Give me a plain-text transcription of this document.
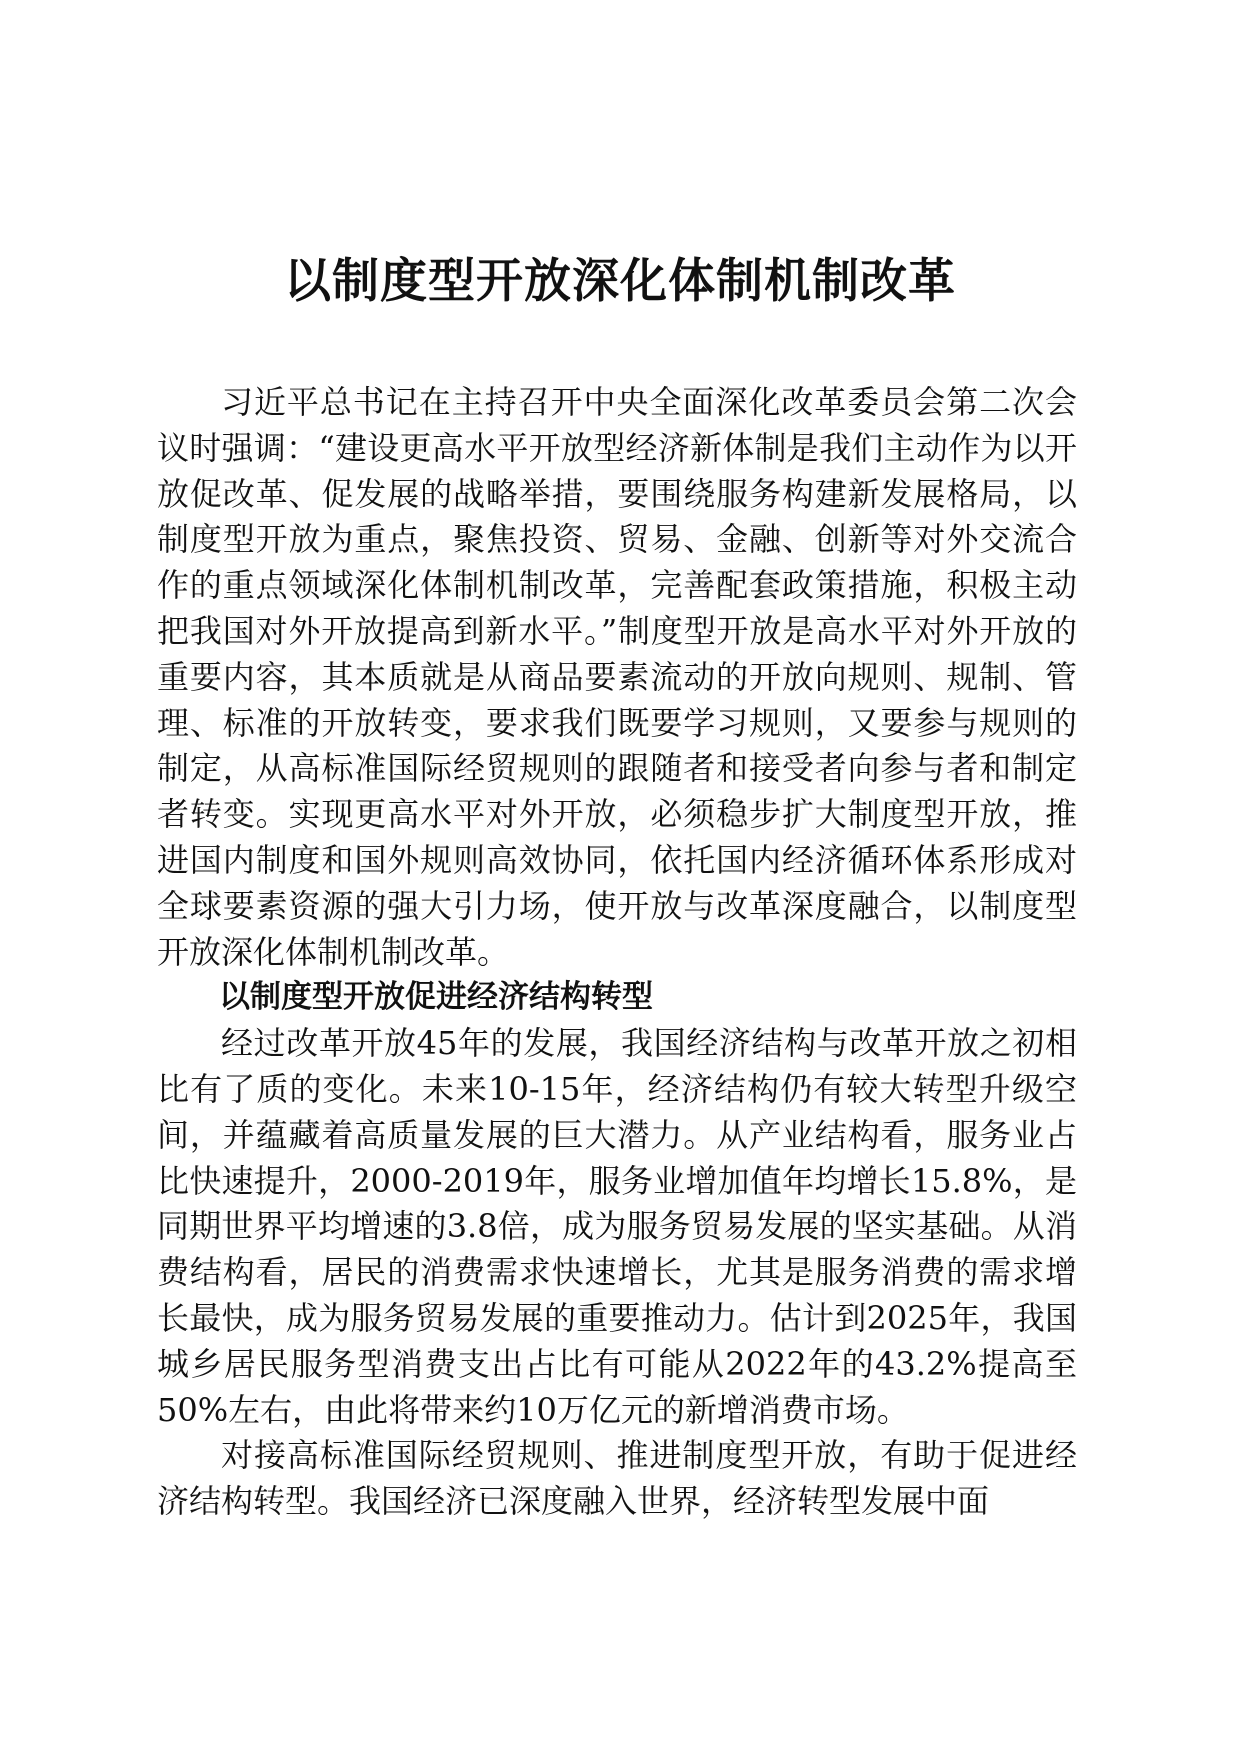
以制度型开放深化体制机制改革

习近平总书记在主持召开中央全面深化改革委员会第二次会议时强调：“建设更高水平开放型经济新体制是我们主动作为以开放促改革、促发展的战略举措，要围绕服务构建新发展格局，以制度型开放为重点，聚焦投资、贸易、金融、创新等对外交流合作的重点领域深化体制机制改革，完善配套政策措施，积极主动把我国对外开放提高到新水平。”制度型开放是高水平对外开放的重要内容，其本质就是从商品要素流动的开放向规则、规制、管理、标准的开放转变，要求我们既要学习规则，又要参与规则的制定，从高标准国际经贸规则的跟随者和接受者向参与者和制定者转变。实现更高水平对外开放，必须稳步扩大制度型开放，推进国内制度和国外规则高效协同，依托国内经济循环体系形成对全球要素资源的强大引力场，使开放与改革深度融合，以制度型开放深化体制机制改革。

以制度型开放促进经济结构转型

经过改革开放45年的发展，我国经济结构与改革开放之初相比有了质的变化。未来10-15年，经济结构仍有较大转型升级空间，并蕴藏着高质量发展的巨大潜力。从产业结构看，服务业占比快速提升，2000-2019年，服务业增加值年均增长15.8%，是同期世界平均增速的3.8倍，成为服务贸易发展的坚实基础。从消费结构看，居民的消费需求快速增长，尤其是服务消费的需求增长最快，成为服务贸易发展的重要推动力。估计到2025年，我国城乡居民服务型消费支出占比有可能从2022年的43.2%提高至50%左右，由此将带来约10万亿元的新增消费市场。

对接高标准国际经贸规则、推进制度型开放，有助于促进经济结构转型。我国经济已深度融入世界，经济转型发展中面
